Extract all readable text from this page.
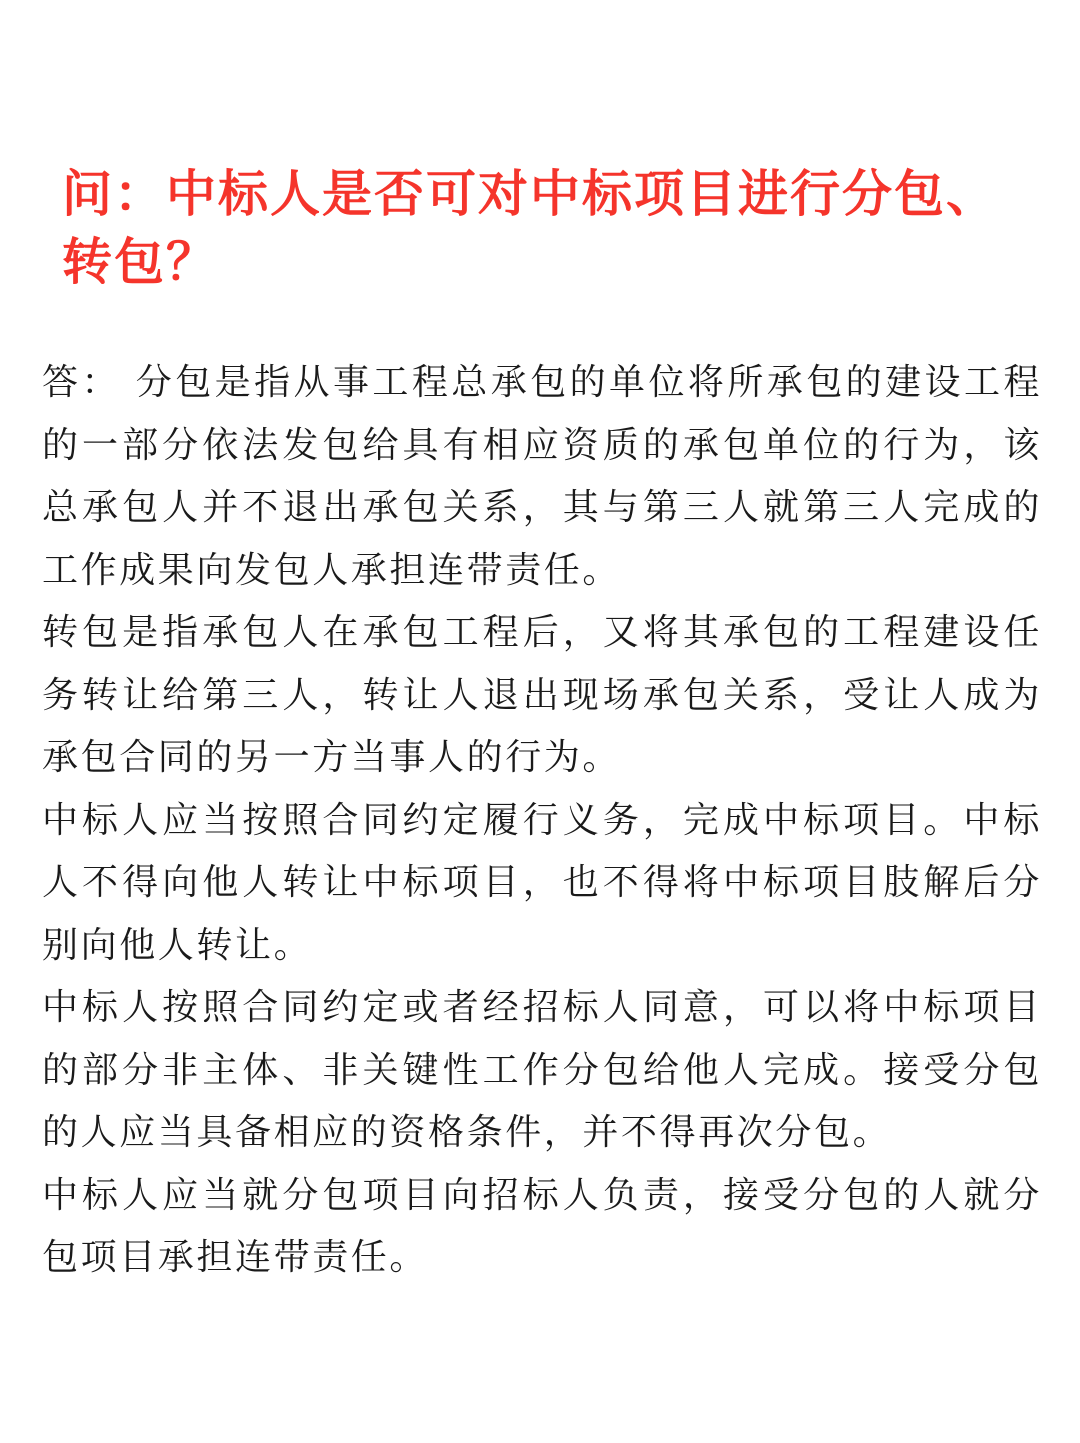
问：中标人是否可对中标项目进行分包、转包？

答： 分包是指从事工程总承包的单位将所承包的建设工程的一部分依法发包给具有相应资质的承包单位的行为，该总承包人并不退出承包关系，其与第三人就第三人完成的工作成果向发包人承担连带责任。

转包是指承包人在承包工程后，又将其承包的工程建设任务转让给第三人，转让人退出现场承包关系，受让人成为承包合同的另一方当事人的行为。

中标人应当按照合同约定履行义务，完成中标项目。中标人不得向他人转让中标项目，也不得将中标项目肢解后分别向他人转让。

中标人按照合同约定或者经招标人同意，可以将中标项目的部分非主体、非关键性工作分包给他人完成。接受分包的人应当具备相应的资格条件，并不得再次分包。

中标人应当就分包项目向招标人负责，接受分包的人就分包项目承担连带责任。
